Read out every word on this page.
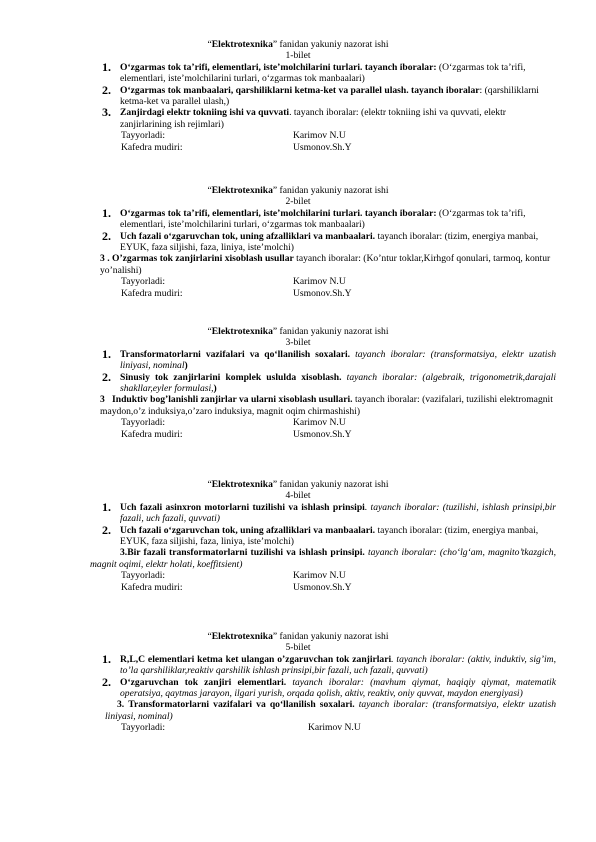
“Elektrotexnika” fanidan yakuniy nazorat ishi
1-bilet
1. O‘zgarmas tok ta’rifi, elementlari, iste’molchilarini turlari. tayanch iboralar: (O‘zgarmas tok ta’rifi, elementlari, iste’molchilarini turlari, o‘zgarmas tok manbaalari)
2. O‘zgarmas tok manbaalari, qarshiliklarni ketma-ket va parallel ulash. tayanch iboralar: (qarshiliklarni ketma-ket va parallel ulash,)
3. Zanjirdagi elektr tokniing ishi va quvvati. tayanch iboralar: (elektr tokniing ishi va quvvati, elektr zanjirlarining ish rejimlari)
Tayyorladi:	Karimov N.U
Kafedra mudiri:	Usmonov.Sh.Y
“Elektrotexnika” fanidan yakuniy nazorat ishi
2-bilet
1. O‘zgarmas tok ta’rifi, elementlari, iste’molchilarini turlari. tayanch iboralar: (O‘zgarmas tok ta’rifi, elementlari, iste’molchilarini turlari, o‘zgarmas tok manbaalari)
2. Uch fazali o‘zgaruvchan tok, uning afzalliklari va manbaalari. tayanch iboralar: (tizim, energiya manbai, EYUK, faza siljishi, faza, liniya, iste’molchi)
3 . O’zgarmas tok zanjirlarini xisoblash usullar tayanch iboralar: (Ko’ntur toklar,Kirhgof qonulari, tarmoq, kontur yo’nalishi)
Tayyorladi:	Karimov N.U
Kafedra mudiri:	Usmonov.Sh.Y
“Elektrotexnika” fanidan yakuniy nazorat ishi
3-bilet
1. Transformatorlarni vazifalari va qo‘llanilish soxalari. tayanch iboralar: (transformatsiya, elektr uzatish liniyasi, nominal)
2. Sinusiy tok zanjirlarini komplek uslulda xisoblash. tayanch iboralar: (algebraik, trigonometrik,darajali shakllar,eyler formulasi,)
3 Induktiv bog’lanishli zanjirlar va ularni xisoblash usullari. tayanch iboralar: (vazifalari, tuzilishi elektromagnit maydon,o’z induksiya,o’zaro induksiya, magnit oqim chirmashishi)
Tayyorladi:	Karimov N.U
Kafedra mudiri:	Usmonov.Sh.Y
“Elektrotexnika” fanidan yakuniy nazorat ishi
4-bilet
1. Uch fazali asinxron motorlarni tuzilishi va ishlash prinsipi. tayanch iboralar: (tuzilishi, ishlash prinsipi,bir fazali, uch fazali, quvvati)
2. Uch fazali o‘zgaruvchan tok, uning afzalliklari va manbaalari. tayanch iboralar: (tizim, energiya manbai, EYUK, faza siljishi, faza, liniya, iste’molchi)
3.Bir fazali transformatorlarni tuzilishi va ishlash prinsipi. tayanch iboralar: (cho‘lg‘am, magnito’tkazgich, magnit oqimi, elektr holati, koeffitsient)
Tayyorladi:	Karimov N.U
Kafedra mudiri:	Usmonov.Sh.Y
“Elektrotexnika” fanidan yakuniy nazorat ishi
5-bilet
1. R,L,C elementlari ketma ket ulangan o’zgaruvchan tok zanjirlari. tayanch iboralar: (aktiv, induktiv, sig’im, to’la qarshiliklar,reaktiv qarshilik ishlash prinsipi,bir fazali, uch fazali, quvvati)
2. O‘zgaruvchan tok zanjiri elementlari. tayanch iboralar: (mavhum qiymat, haqiqiy qiymat, matematik operatsiya, qaytmas jarayon, ilgari yurish, orqada qolish, aktiv, reaktiv, oniy quvvat, maydon energiyasi)
3. Transformatorlarni vazifalari va qo‘llanilish soxalari. tayanch iboralar: (transformatsiya, elektr uzatish liniyasi, nominal)
Tayyorladi:	Karimov N.U
